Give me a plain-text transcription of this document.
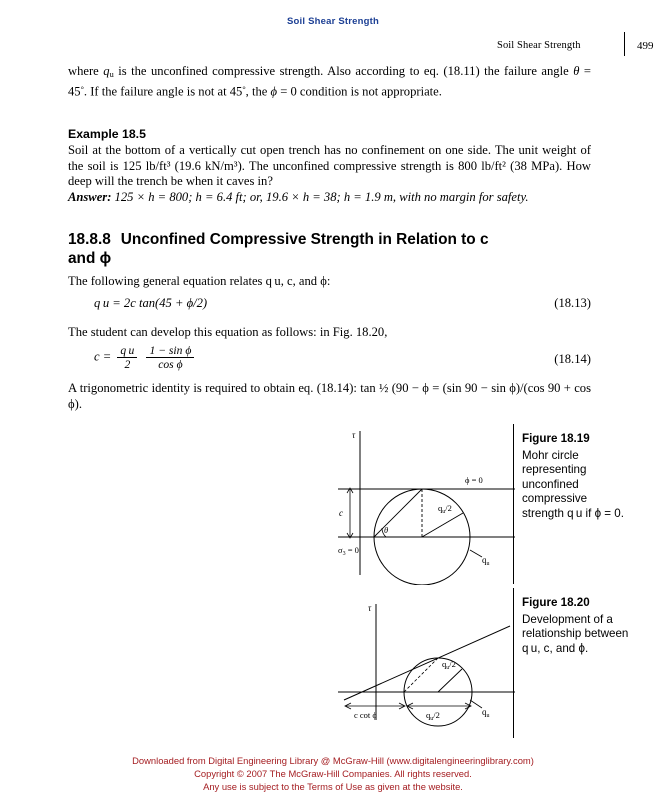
Soil Shear Strength
Soil Shear Strength	499

where $q_u$ is the unconfined compressive strength. Also according to eq. (18.11) the failure angle θ = 45°. If the failure angle is not at 45°, the ϕ = 0 condition is not appropriate.

Example 18.5

Soil at the bottom of a vertically cut open trench has no confinement on one side. The unit weight of the soil is 125 lb/ft³ (19.6 kN/m³). The unconfined compressive strength is 800 lb/ft² (38 MPa). How deep will the trench be when it caves in?

Answer: 125 × h = 800; h = 6.4 ft; or, 19.6 × h = 38; h = 1.9 m, with no margin for safety.

18.8.8 Unconfined Compressive Strength in Relation to c
and ϕ

The following general equation relates q u, c, and ϕ:

q u = 2c tan(45 + ϕ/2)	(18.13)

The student can develop this equation as follows: in Fig. 18.20,

$c = \frac{\text{q u}}{2}$
$\frac{\text{1 − sin ϕ}}{\text{cos ϕ}}$	(18.14)

A trigonometric identity is required to obtain eq. (18.14): tan ½ (90 − ϕ = (sin 90 − sin ϕ)/(cos 90 + cos ϕ).

Figure 18.19
Mohr circle representing unconfined compressive strength q u if ϕ = 0.
τ
ϕ = 0
θ
c	$q_u/2$
$\sigma_3 = 0$
$q_u$
Figure 18.20
Development of a relationship between q u, c, and ϕ.
τ
$q_u/2$
c cot ϕ	$q_u/2$	$q_u$
Downloaded from Digital Engineering Library @ McGraw-Hill (www.digitalengineeringlibrary.com)
Copyright © 2007 The McGraw-Hill Companies. All rights reserved.
Any use is subject to the Terms of Use as given at the website.
